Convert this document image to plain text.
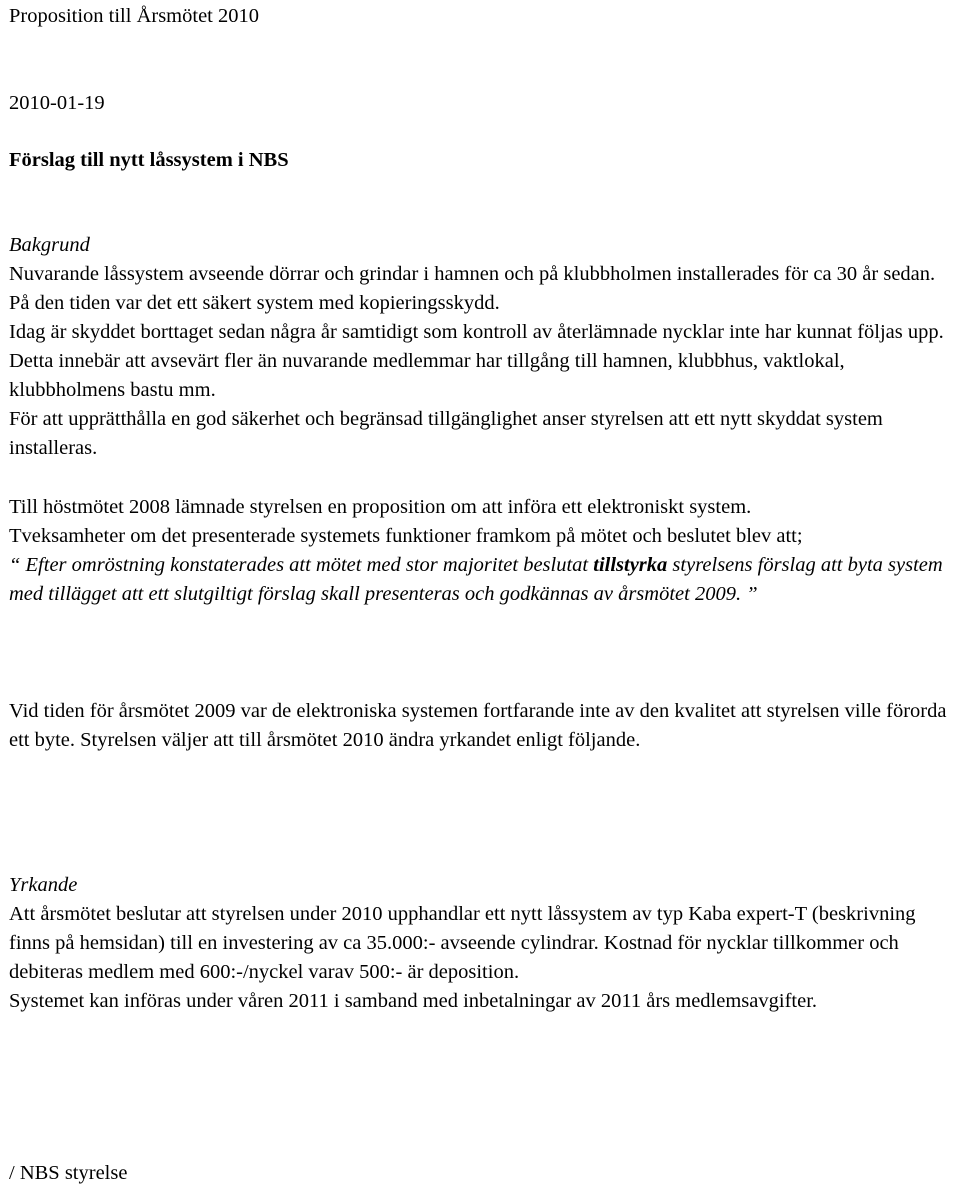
Proposition till Årsmötet 2010
2010-01-19
Förslag till nytt låssystem i NBS

Bakgrund

Nuvarande låssystem avseende dörrar och grindar i hamnen och på klubbholmen installerades för ca 30 år sedan. På den tiden var det ett säkert system med kopieringsskydd.

Idag är skyddet borttaget sedan några år samtidigt som kontroll av återlämnade nycklar inte har kunnat följas upp. Detta innebär att avsevärt fler än nuvarande medlemmar har tillgång till hamnen, klubbhus, vaktlokal, klubbholmens bastu mm.

För att upprätthålla en god säkerhet och begränsad tillgänglighet anser styrelsen att ett nytt skyddat system installeras.

Till höstmötet 2008 lämnade styrelsen en proposition om att införa ett elektroniskt system.

Tveksamheter om det presenterade systemets funktioner framkom på mötet och beslutet blev att;

“ Efter omröstning konstaterades att mötet med stor majoritet beslutat tillstyrka styrelsens förslag att byta system med tillägget att ett slutgiltigt förslag skall presenteras och godkännas av årsmötet 2009. ”

Vid tiden för årsmötet 2009 var de elektroniska systemen fortfarande inte av den kvalitet att styrelsen ville förorda ett byte. Styrelsen väljer att till årsmötet 2010 ändra yrkandet enligt följande.

Yrkande

Att årsmötet beslutar att styrelsen under 2010 upphandlar ett nytt låssystem av typ Kaba expert-T (beskrivning finns på hemsidan) till en investering av ca 35.000:- avseende cylindrar. Kostnad för nycklar tillkommer och debiteras medlem med 600:-/nyckel varav 500:- är deposition.

Systemet kan införas under våren 2011 i samband med inbetalningar av 2011 års medlemsavgifter.

/ NBS styrelse
